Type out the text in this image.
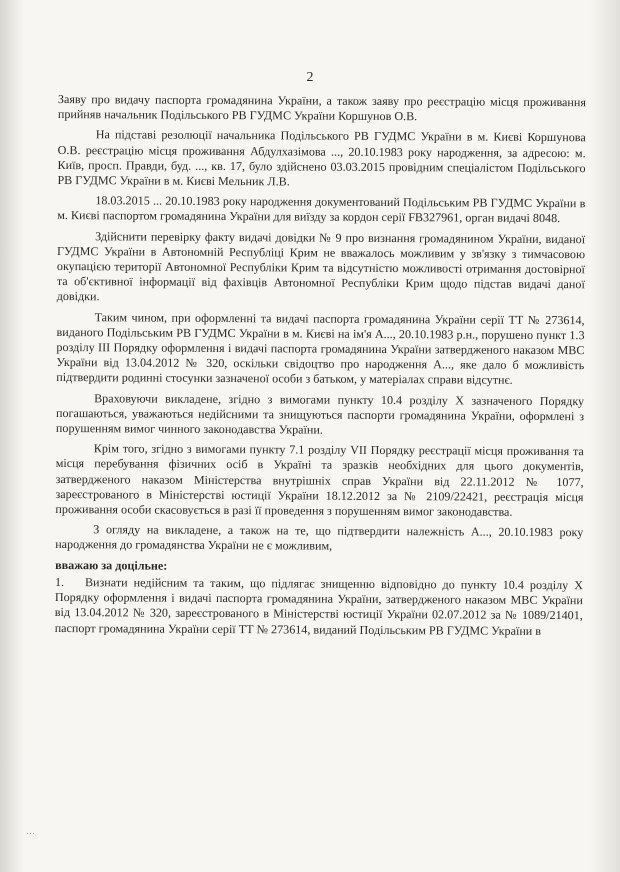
2

Заяву про видачу паспорта громадянина України, а також заяву про реєстрацію місця проживання прийняв начальник Подільського РВ ГУДМС України Коршунов О.В.

На підставі резолюції начальника Подільського РВ ГУДМС України в м. Києві Коршунова О.В. реєстрацію місця проживання Абдулхазімова ..., 20.10.1983 року народження, за адресою: м. Київ, просп. Правди, буд. ..., кв. 17, було здійснено 03.03.2015 провідним спеціалістом Подільського РВ ГУДМС України в м. Києві Мельник Л.В.

18.03.2015 ... 20.10.1983 року народження документований Подільським РВ ГУДМС України в м. Києві паспортом громадянина України для виїзду за кордон серії FB327961, орган видачі 8048.

Здійснити перевірку факту видачі довідки № 9 про визнання громадянином України, виданої ГУДМС України в Автономній Республіці Крим не вважалось можливим у зв'язку з тимчасовою окупацією території Автономної Республіки Крим та відсутністю можливості отримання достовірної та об'єктивної інформації від фахівців Автономної Республіки Крим щодо підстав видачі даної довідки.

Таким чином, при оформленні та видачі паспорта громадянина України серії ТТ № 273614, виданого Подільським РВ ГУДМС України в м. Києві на ім'я А..., 20.10.1983 р.н., порушено пункт 1.3 розділу III Порядку оформлення і видачі паспорта громадянина України затвердженого наказом МВС України від 13.04.2012 № 320, оскільки свідоцтво про народження А..., яке дало б можливість підтвердити родинні стосунки зазначеної особи з батьком, у матеріалах справи відсутнє.

Враховуючи викладене, згідно з вимогами пункту 10.4 розділу X зазначеного Порядку погашаються, уважаються недійсними та знищуються паспорти громадянина України, оформлені з порушенням вимог чинного законодавства України.

Крім того, згідно з вимогами пункту 7.1 розділу VII Порядку реєстрації місця проживання та місця перебування фізичних осіб в Україні та зразків необхідних для цього документів, затвердженого наказом Міністерства внутрішніх справ України від 22.11.2012 № 1077, зареєстрованого в Міністерстві юстиції України 18.12.2012 за № 2109/22421, реєстрація місця проживання особи скасовується в разі її проведення з порушенням вимог законодавства.

З огляду на викладене, а також на те, що підтвердити належність А..., 20.10.1983 року народження до громадянства України не є можливим,

вважаю за доцільне:

1. Визнати недійсним та таким, що підлягає знищенню відповідно до пункту 10.4 розділу X Порядку оформлення і видачі паспорта громадянина України, затвердженого наказом МВС України від 13.04.2012 № 320, зареєстрованого в Міністерстві юстиції України 02.07.2012 за № 1089/21401, паспорт громадянина України серії ТТ № 273614, виданий Подільським РВ ГУДМС України в

…
